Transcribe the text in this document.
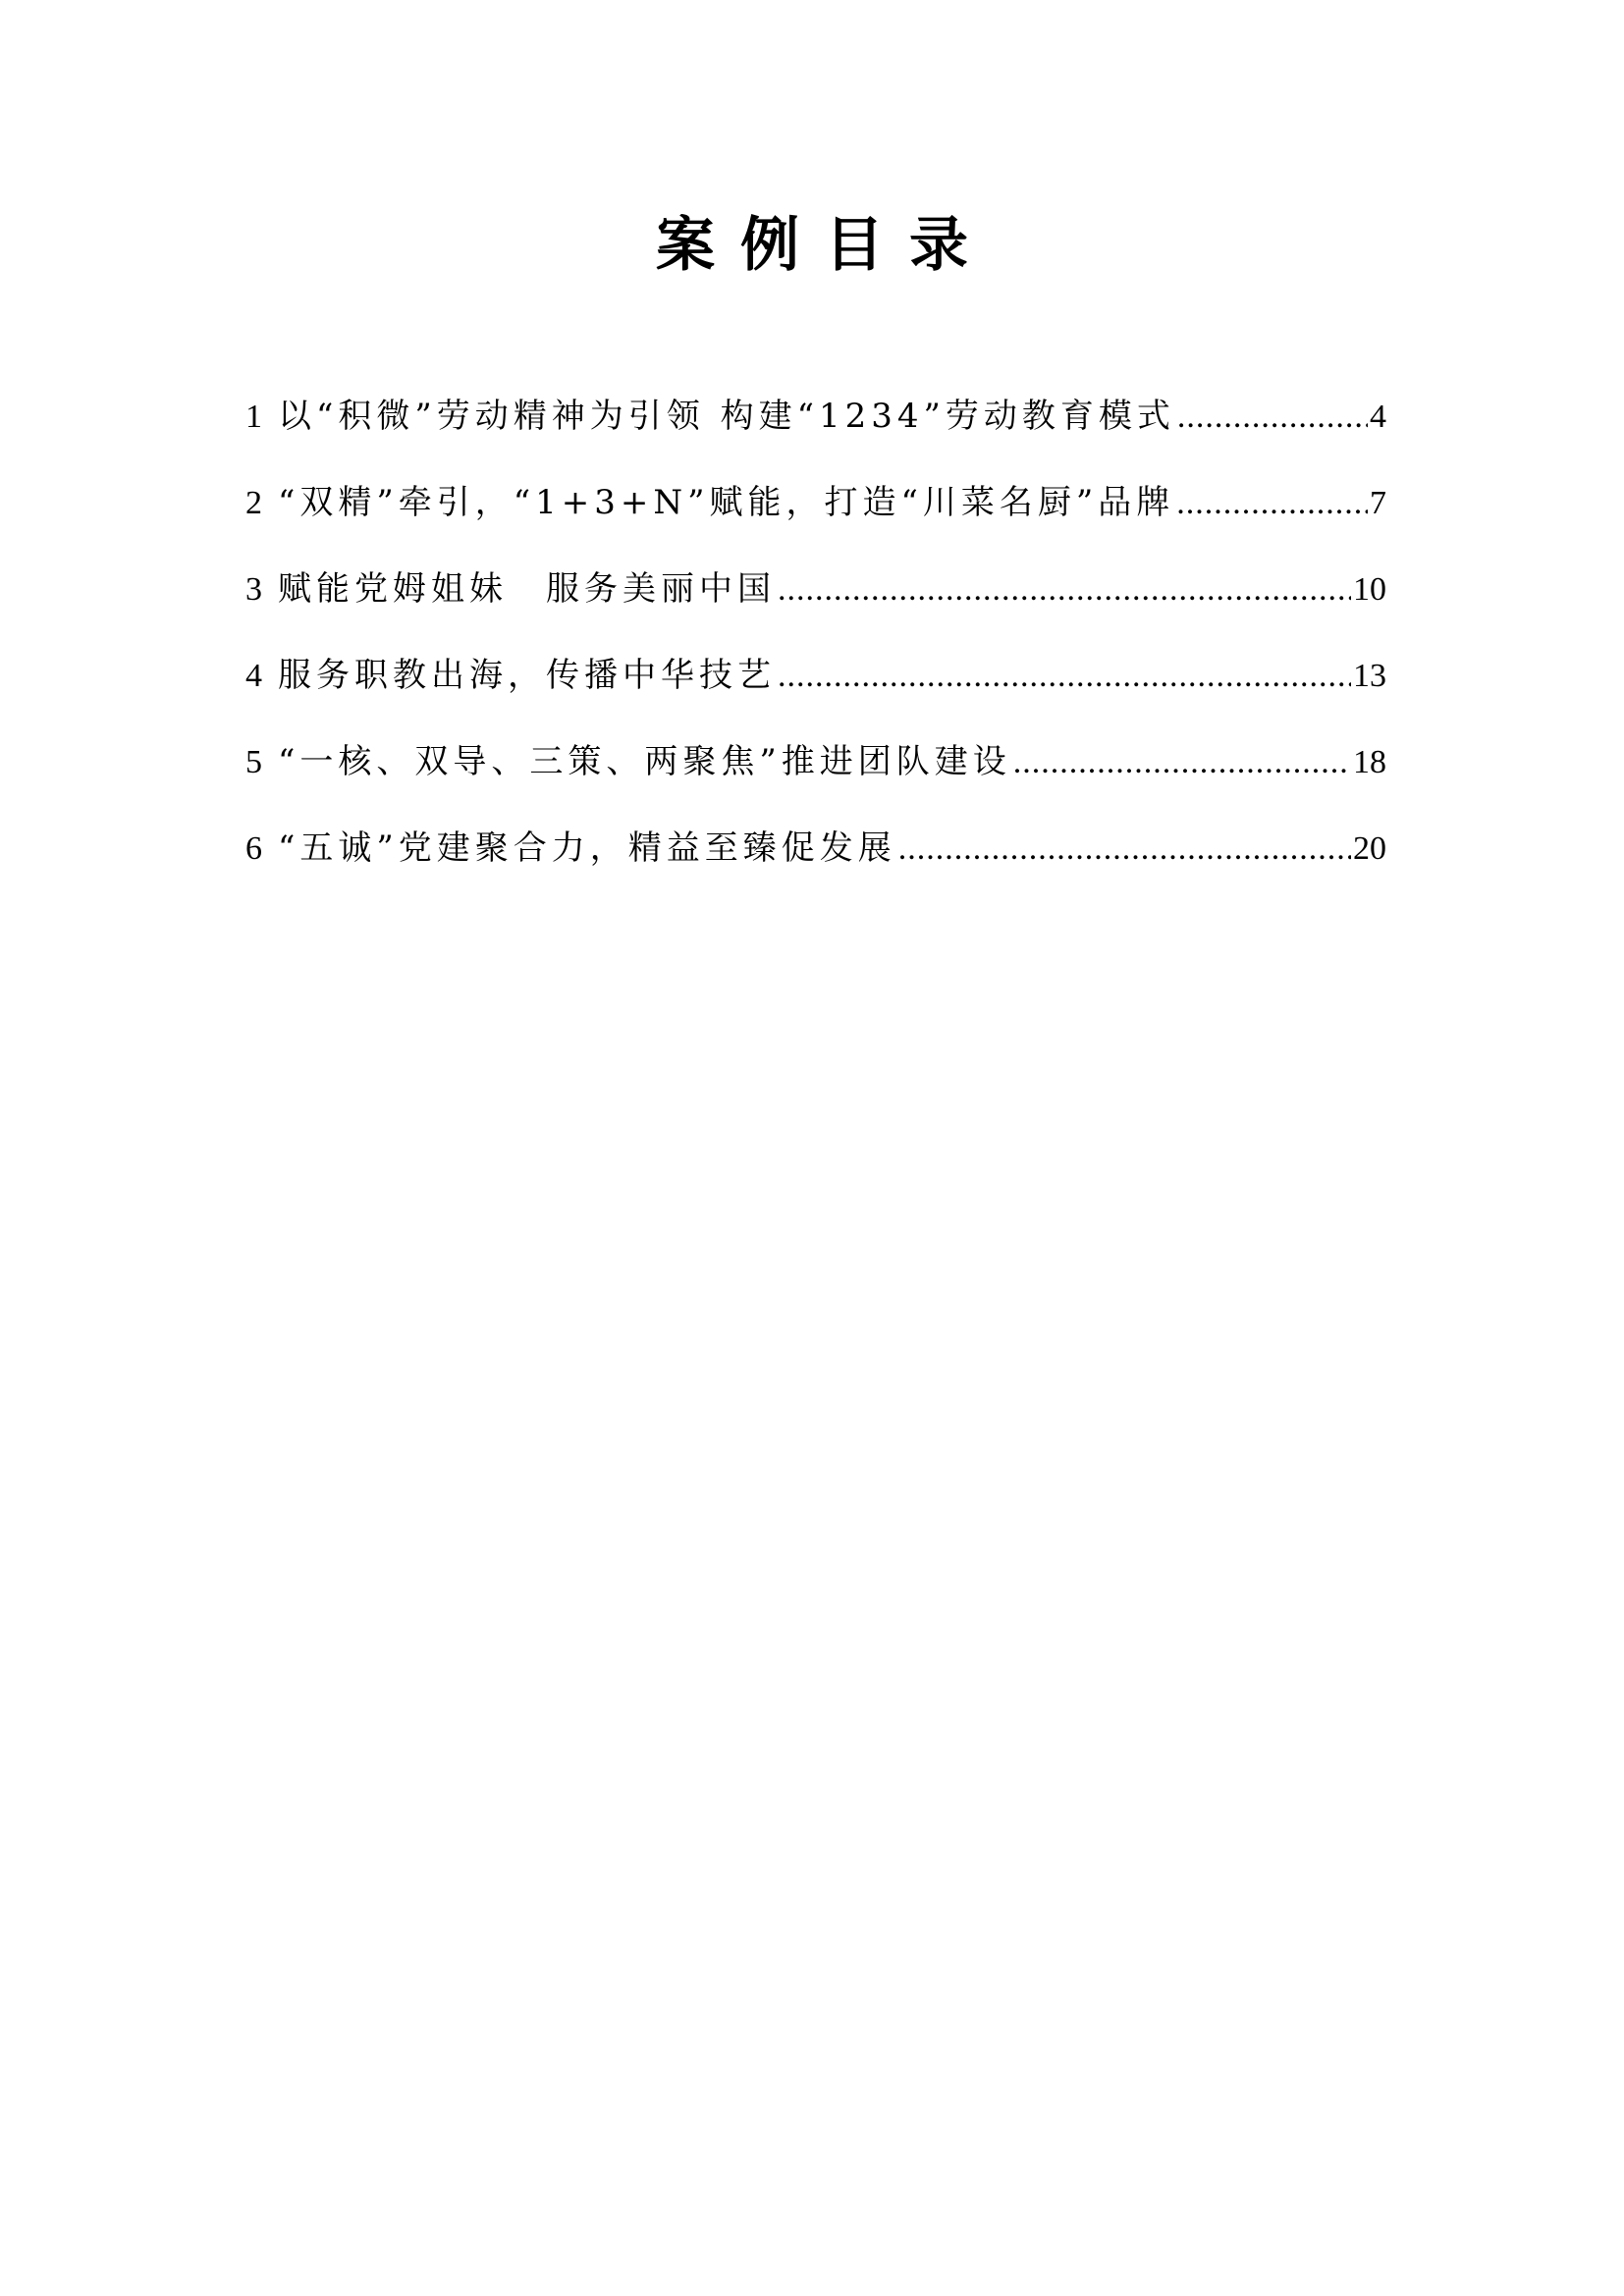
案例目录
1 以“积微”劳动精神为引领 构建“1234”劳动教育模式 .....	4
2 “双精”牵引，“1+3+N”赋能，打造“川菜名厨”品牌 .....	7
3 赋能党姆姐妹　服务美丽中国 .....	10
4 服务职教出海，传播中华技艺 .....	13
5 “一核、双导、三策、两聚焦”推进团队建设 .....	18
6 “五诚”党建聚合力，精益至臻促发展 .....	20
